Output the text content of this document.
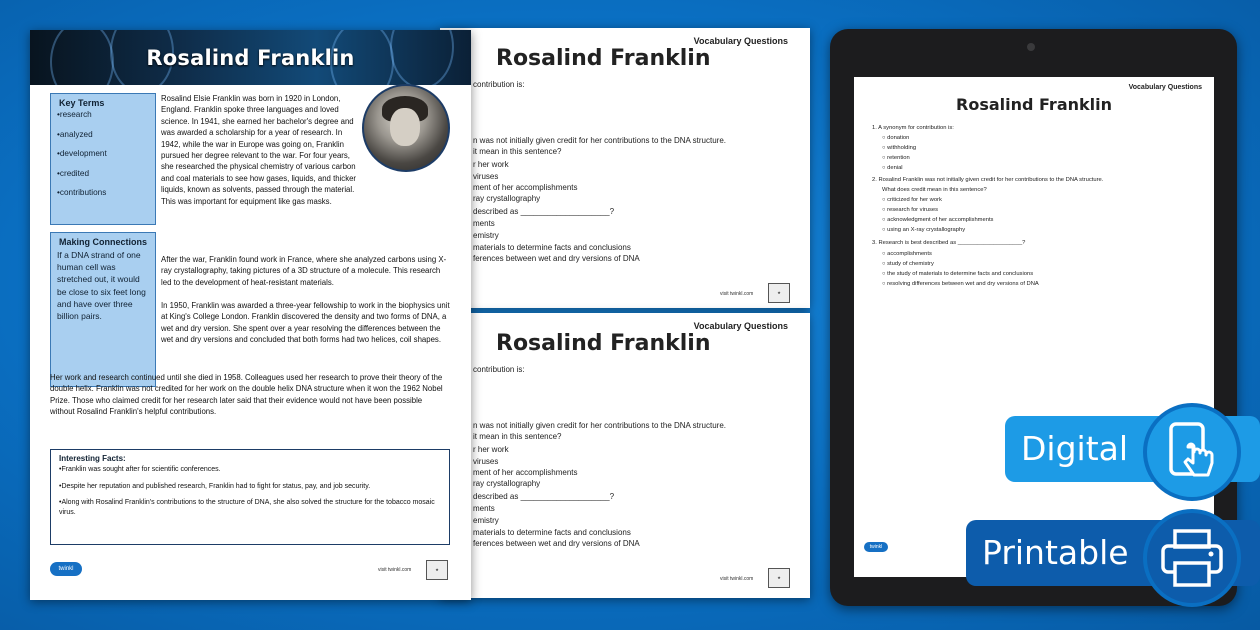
Rosalind Franklin
Key Terms
• research
• analyzed
• development
• credited
• contributions
Making Connections
If a DNA strand of one human cell was stretched out, it would be close to six feet long and have over three billion pairs.
Rosalind Elsie Franklin was born in 1920 in London, England. Franklin spoke three languages and loved science. In 1941, she earned her bachelor's degree and was awarded a scholarship for a year of research. In 1942, while the war in Europe was going on, Franklin pursued her degree relevant to the war. For four years, she researched the physical chemistry of various carbon and coal materials to see how gases, liquids, and thicker liquids, known as solvents, passed through the material. This was important for equipment like gas masks.
After the war, Franklin found work in France, where she analyzed carbons using X-ray crystallography, taking pictures of a 3D structure of a molecule. This research led to the development of heat-resistant materials.
In 1950, Franklin was awarded a three-year fellowship to work in the biophysics unit at King's College London. Franklin discovered the density and two forms of DNA, a wet and dry version. She spent over a year resolving the differences between the wet and dry versions and concluded that both forms had two helices, coil shapes.
Her work and research continued until she died in 1958. Colleagues used her research to prove their theory of the double helix. Franklin was not credited for her work on the double helix DNA structure when it won the 1962 Nobel Prize. Those who claimed credit for her research later said that their evidence would not have been possible without Rosalind Franklin's helpful contributions.
Interesting Facts:
• Franklin was sought after for scientific conferences.
• Despite her reputation and published research, Franklin had to fight for status, pay, and job security.
• Along with Rosalind Franklin's contributions to the structure of DNA, she also solved the structure for the tobacco mosaic virus.
twinkl	visit twinkl.com	★
Vocabulary Questions
Rosalind Franklin
contribution is:
n was not initially given credit for her contributions to the DNA structure.
it mean in this sentence?
r her work
viruses
ment of her accomplishments
ray crystallography
described as ____________________?
ments
emistry
materials to determine facts and conclusions
ferences between wet and dry versions of DNA
visit twinkl.com	★
Vocabulary Questions
Rosalind Franklin
contribution is:
n was not initially given credit for her contributions to the DNA structure.
it mean in this sentence?
r her work
viruses
ment of her accomplishments
ray crystallography
described as ____________________?
ments
emistry
materials to determine facts and conclusions
ferences between wet and dry versions of DNA
visit twinkl.com	★
Vocabulary Questions
Rosalind Franklin
1. A synonym for contribution is:
○ donation
○ withholding
○ retention
○ denial
2. Rosalind Franklin was not initially given credit for her contributions to the DNA structure.
What does credit mean in this sentence?
○ criticized for her work
○ research for viruses
○ acknowledgment of her accomplishments
○ using an X-ray crystallography
3. Research is best described as ____________________?
○ accomplishments
○ study of chemistry
○ the study of materials to determine facts and conclusions
○ resolving differences between wet and dry versions of DNA
twinkl
Digital
Printable
